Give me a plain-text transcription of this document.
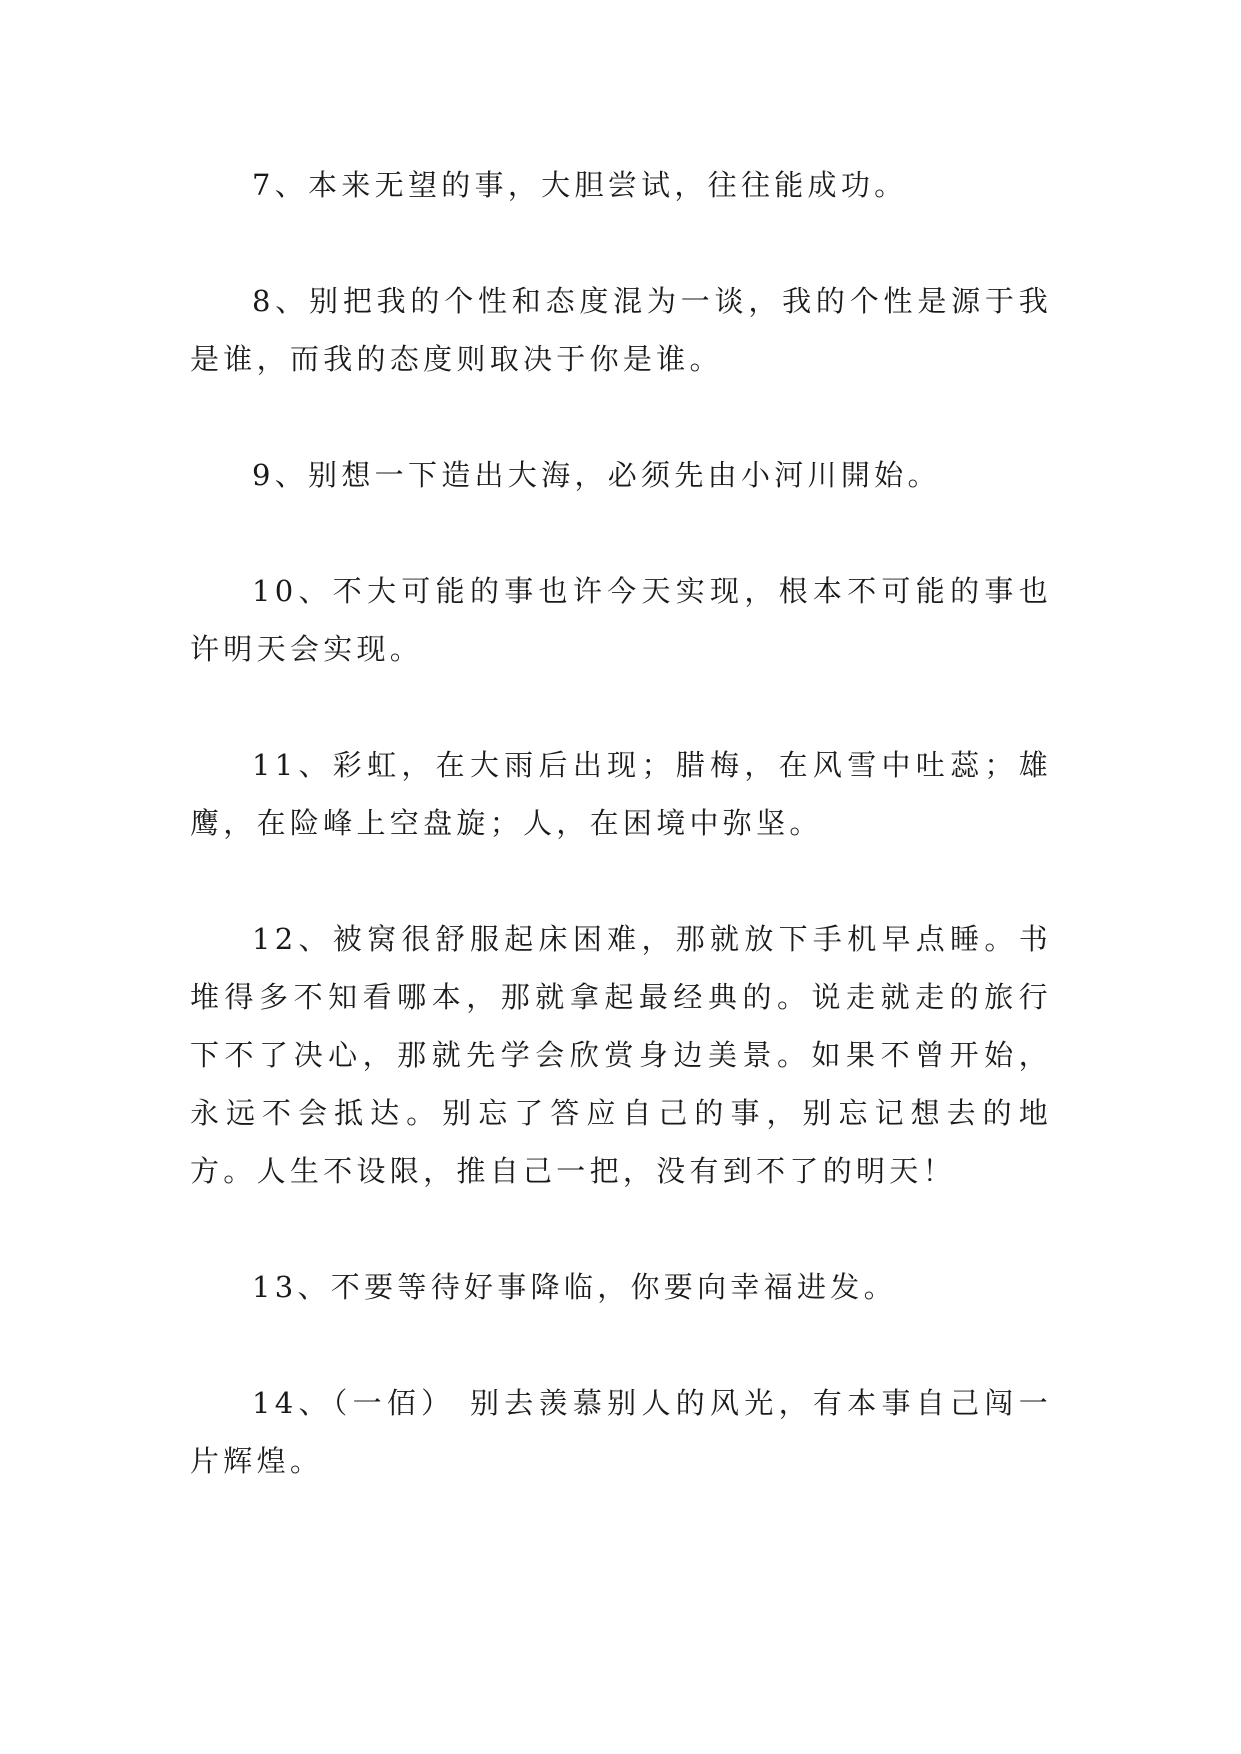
7、本来无望的事，大胆尝试，往往能成功。

8、别把我的个性和态度混为一谈，我的个性是源于我是谁，而我的态度则取决于你是谁。

9、别想一下造出大海，必须先由小河川開始。

10、不大可能的事也许今天实现，根本不可能的事也许明天会实现。

11、彩虹，在大雨后出现；腊梅，在风雪中吐蕊；雄鹰，在险峰上空盘旋；人，在困境中弥坚。

12、被窝很舒服起床困难，那就放下手机早点睡。书堆得多不知看哪本，那就拿起最经典的。说走就走的旅行下不了决心，那就先学会欣赏身边美景。如果不曾开始，永远不会抵达。别忘了答应自己的事，别忘记想去的地方。人生不设限，推自己一把，没有到不了的明天！

13、不要等待好事降临，你要向幸福进发。

14、（一佰） 别去羡慕别人的风光，有本事自己闯一片辉煌。
